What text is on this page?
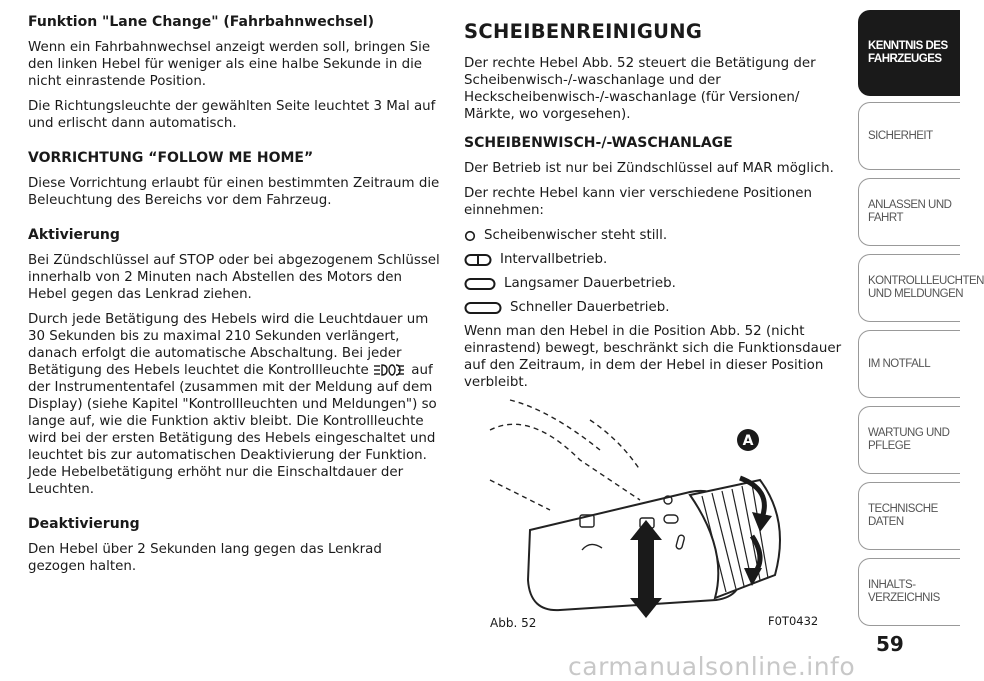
Funktion "Lane Change" (Fahrbahnwechsel)

Wenn ein Fahrbahnwechsel anzeigt werden soll, bringen Sie den linken Hebel für weniger als eine halbe Sekunde in die nicht einrastende Position.

Die Richtungsleuchte der gewählten Seite leuchtet 3 Mal auf und erlischt dann automatisch.

VORRICHTUNG “FOLLOW ME HOME”

Diese Vorrichtung erlaubt für einen bestimmten Zeitraum die Beleuchtung des Bereichs vor dem Fahrzeug.

Aktivierung

Bei Zündschlüssel auf STOP oder bei abgezogenem Schlüssel innerhalb von 2 Minuten nach Abstellen des Motors den Hebel gegen das Lenkrad ziehen.

Durch jede Betätigung des Hebels wird die Leuchtdauer um 30 Sekunden bis zu maximal 210 Sekunden verlängert, danach erfolgt die automatische Abschaltung. Bei jeder Betätigung des Hebels leuchtet die Kontrollleuchte	auf der Instrumententafel (zusammen mit der Meldung auf dem Display) (siehe Kapitel "Kontrollleuchten und Meldungen") so lange auf, wie die Funktion aktiv bleibt. Die Kontrollleuchte wird bei der ersten Betätigung des Hebels eingeschaltet und leuchtet bis zur automatischen Deaktivierung der Funktion. Jede Hebelbetätigung erhöht nur die Einschaltdauer der Leuchten.

Deaktivierung

Den Hebel über 2 Sekunden lang gegen das Lenkrad gezogen halten.

SCHEIBENREINIGUNG

Der rechte Hebel Abb. 52 steuert die Betätigung der Scheibenwisch-/-waschanlage und der Heckscheibenwisch-/-waschanlage (für Versionen/ Märkte, wo vorgesehen).

SCHEIBENWISCH-/-WASCHANLAGE

Der Betrieb ist nur bei Zündschlüssel auf MAR möglich.

Der rechte Hebel kann vier verschiedene Positionen einnehmen:

Scheibenwischer steht still.
Intervallbetrieb.
Langsamer Dauerbetrieb.
Schneller Dauerbetrieb.

Wenn man den Hebel in die Position Abb. 52 (nicht einrastend) bewegt, beschränkt sich die Funktionsdauer auf den Zeitraum, in dem der Hebel in dieser Position verbleibt.

A
Abb. 52	F0T0432
KENNTNIS DES FAHRZEUGES
SICHERHEIT
ANLASSEN UND FAHRT
KONTROLLLEUCHTEN UND MELDUNGEN
IM NOTFALL
WARTUNG UND PFLEGE
TECHNISCHE DATEN
INHALTS-VERZEICHNIS
59
carmanualsonline.info
